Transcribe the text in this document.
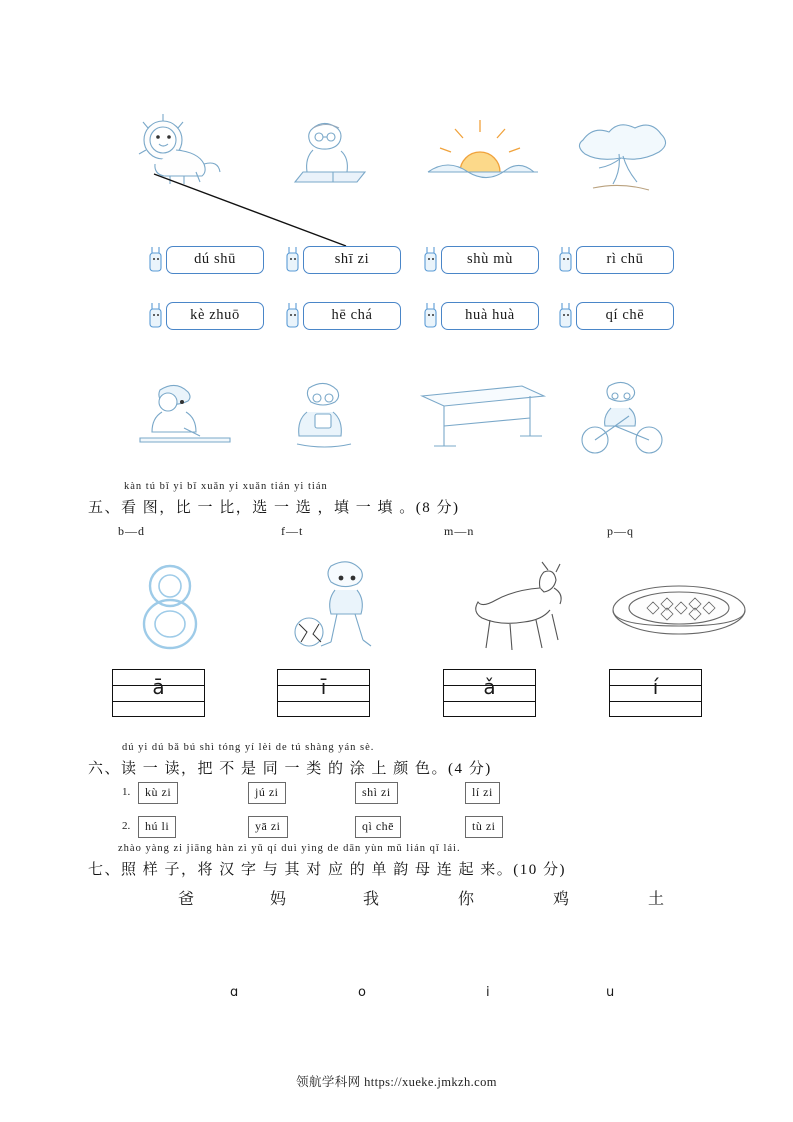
dú shū	shī zi	shù mù	rì chū
kè zhuō	hē chá	huà huà	qí chē
kàn tú bǐ yi bǐ xuǎn yi xuǎn tián yi tián
五、看 图，比 一 比，选 一 选 ，填 一 填 。(8 分)
b—d	f—t	m—n	p—q
ā	ī	ǎ	í
dú yi dú bǎ bú shì tóng yí lèi de tú shàng yán sè.
六、读 一 读，把 不 是 同 一 类 的 涂 上 颜 色。(4 分)
1.	kù zi	jú zi	shì zi	lí zi
2.	hú li	yā zi	qì chē	tù zi
zhào yàng zi jiāng hàn zì yǔ qí duì yìng de dān yùn mǔ lián qǐ lái.
七、照 样 子，将 汉 字 与 其 对 应 的 单 韵 母 连 起 来。(10 分)
爸	妈	我	你	鸡	土
ɑ	o	i	u
领航学科网 https://xueke.jmkzh.com
